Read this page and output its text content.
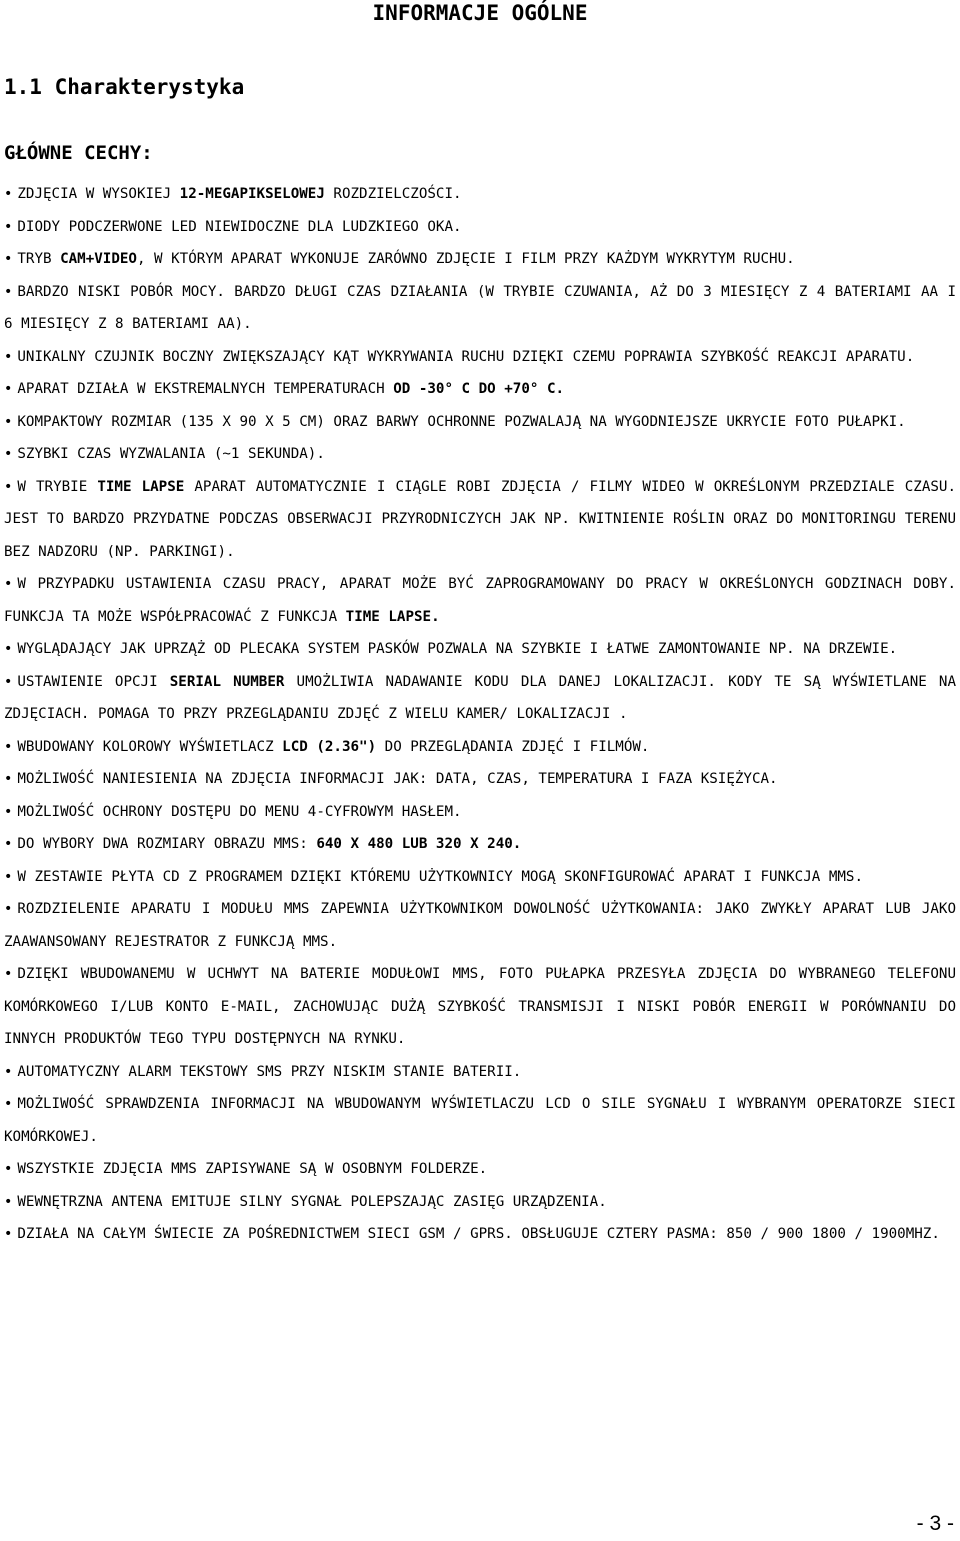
INFORMACJE OGÓLNE
1.1 Charakterystyka
GŁÓWNE CECHY:
• ZDJĘCIA W WYSOKIEJ 12-MEGAPIKSELOWEJ ROZDZIELCZOŚCI.
• DIODY PODCZERWONE LED NIEWIDOCZNE DLA LUDZKIEGO OKA.
• TRYB CAM+VIDEO, W KTÓRYM APARAT WYKONUJE ZARÓWNO ZDJĘCIE I FILM PRZY KAŻDYM WYKRYTYM RUCHU.
• BARDZO NISKI POBÓR MOCY. BARDZO DŁUGI CZAS DZIAŁANIA (W TRYBIE CZUWANIA, AŻ DO 3 MIESIĘCY Z 4 BATERIAMI AA I 6 MIESIĘCY Z 8 BATERIAMI AA).
• UNIKALNY CZUJNIK BOCZNY ZWIĘKSZAJĄCY KĄT WYKRYWANIA RUCHU DZIĘKI CZEMU POPRAWIA SZYBKOŚĆ REAKCJI APARATU.
• APARAT DZIAŁA W EKSTREMALNYCH TEMPERATURACH OD -30° C DO +70° C.
• KOMPAKTOWY ROZMIAR (135 X 90 X 5 CM) ORAZ BARWY OCHRONNE POZWALAJĄ NA WYGODNIEJSZE UKRYCIE FOTO PUŁAPKI.
• SZYBKI CZAS WYZWALANIA (~1 SEKUNDA).
• W TRYBIE TIME LAPSE APARAT AUTOMATYCZNIE I CIĄGLE ROBI ZDJĘCIA / FILMY WIDEO W OKREŚLONYM PRZEDZIALE CZASU. JEST TO BARDZO PRZYDATNE PODCZAS OBSERWACJI PRZYRODNICZYCH JAK NP. KWITNIENIE ROŚLIN ORAZ DO MONITORINGU TERENU BEZ NADZORU (NP. PARKINGI).
• W PRZYPADKU USTAWIENIA CZASU PRACY, APARAT MOŻE BYĆ ZAPROGRAMOWANY DO PRACY W OKREŚLONYCH GODZINACH DOBY. FUNKCJA TA MOŻE WSPÓŁPRACOWAĆ Z FUNKCJA TIME LAPSE.
• WYGLĄDAJĄCY JAK UPRZĄŻ OD PLECAKA SYSTEM PASKÓW POZWALA NA SZYBKIE I ŁATWE ZAMONTOWANIE NP. NA DRZEWIE.
• USTAWIENIE OPCJI SERIAL NUMBER UMOŻLIWIA NADAWANIE KODU DLA DANEJ LOKALIZACJI. KODY TE SĄ WYŚWIETLANE NA ZDJĘCIACH. POMAGA TO PRZY PRZEGLĄDANIU ZDJĘĆ Z WIELU KAMER/ LOKALIZACJI .
• WBUDOWANY KOLOROWY WYŚWIETLACZ LCD (2.36") DO PRZEGLĄDANIA ZDJĘĆ I FILMÓW.
• MOŻLIWOŚĆ NANIESIENIA NA ZDJĘCIA INFORMACJI JAK: DATA, CZAS, TEMPERATURA I FAZA KSIĘŻYCA.
• MOŻLIWOŚĆ OCHRONY DOSTĘPU DO MENU 4-CYFROWYM HASŁEM.
• DO WYBORY DWA ROZMIARY OBRAZU MMS: 640 X 480 LUB 320 X 240.
• W ZESTAWIE PŁYTA CD Z PROGRAMEM DZIĘKI KTÓREMU UŻYTKOWNICY MOGĄ SKONFIGUROWAĆ APARAT I FUNKCJA MMS.
• ROZDZIELENIE APARATU I MODUŁU MMS ZAPEWNIA UŻYTKOWNIKOM DOWOLNOŚĆ UŻYTKOWANIA: JAKO ZWYKŁY APARAT LUB JAKO ZAAWANSOWANY REJESTRATOR Z FUNKCJĄ MMS.
• DZIĘKI WBUDOWANEMU W UCHWYT NA BATERIE MODUŁOWI MMS, FOTO PUŁAPKA PRZESYŁA ZDJĘCIA DO WYBRANEGO TELEFONU KOMÓRKOWEGO I/LUB KONTO E-MAIL, ZACHOWUJĄC DUŻĄ SZYBKOŚĆ TRANSMISJI I NISKI POBÓR ENERGII W PORÓWNANIU DO INNYCH PRODUKTÓW TEGO TYPU DOSTĘPNYCH NA RYNKU.
• AUTOMATYCZNY ALARM TEKSTOWY SMS PRZY NISKIM STANIE BATERII.
• MOŻLIWOŚĆ SPRAWDZENIA INFORMACJI NA WBUDOWANYM WYŚWIETLACZU LCD O SILE SYGNAŁU I WYBRANYM OPERATORZE SIECI KOMÓRKOWEJ.
• WSZYSTKIE ZDJĘCIA MMS ZAPISYWANE SĄ W OSOBNYM FOLDERZE.
• WEWNĘTRZNA ANTENA EMITUJE SILNY SYGNAŁ POLEPSZAJĄC ZASIĘG URZĄDZENIA.
• DZIAŁA NA CAŁYM ŚWIECIE ZA POŚREDNICTWEM SIECI GSM / GPRS. OBSŁUGUJE CZTERY PASMA: 850 / 900 1800 / 1900MHZ.
- 3 -
